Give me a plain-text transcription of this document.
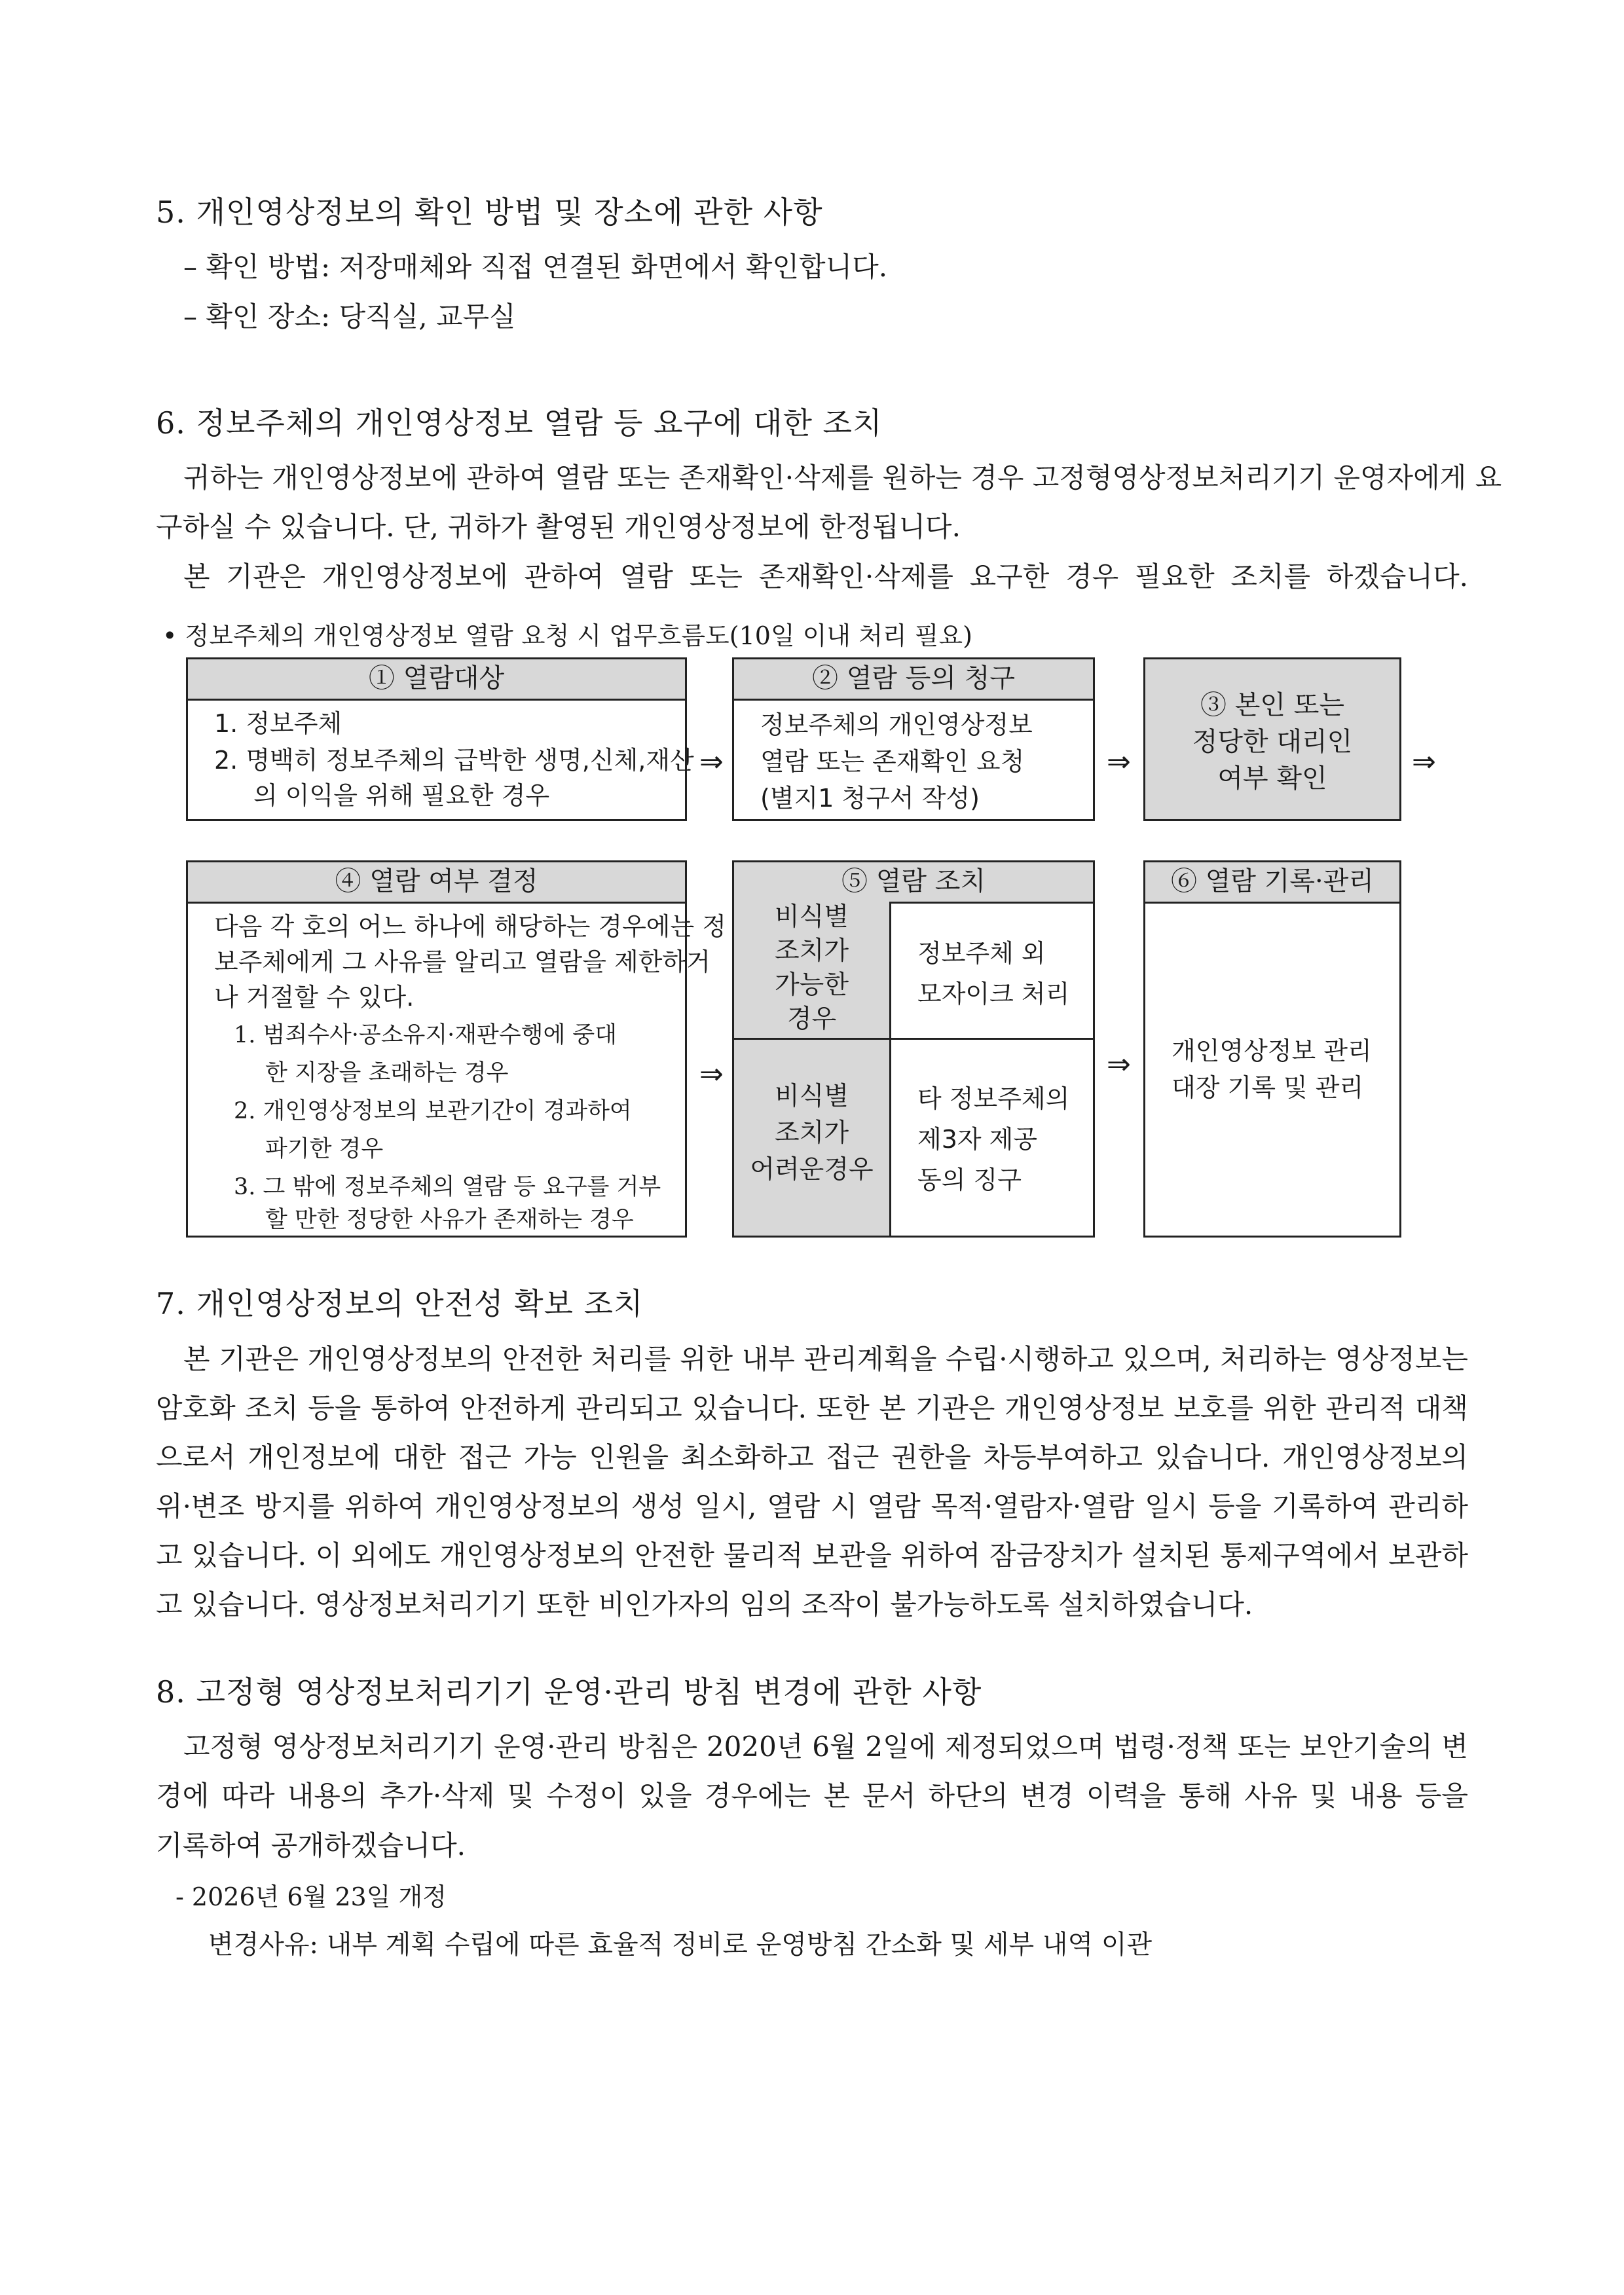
5. 개인영상정보의 확인 방법 및 장소에 관한 사항
– 확인 방법: 저장매체와 직접 연결된 화면에서 확인합니다.
– 확인 장소: 당직실, 교무실
6. 정보주체의 개인영상정보 열람 등 요구에 대한 조치
귀하는 개인영상정보에 관하여 열람 또는 존재확인·삭제를 원하는 경우 고정형영상정보처리기기 운영자에게 요
구하실 수 있습니다. 단, 귀하가 촬영된 개인영상정보에 한정됩니다.
본 기관은 개인영상정보에 관하여 열람 또는 존재확인·삭제를 요구한 경우 필요한 조치를 하겠습니다.
• 정보주체의 개인영상정보 열람 요청 시 업무흐름도(10일 이내 처리 필요)
① 열람대상
1. 정보주체
2. 명백히 정보주체의 급박한 생명,신체,재산
의 이익을 위해 필요한 경우
⇒
② 열람 등의 청구
정보주체의 개인영상정보
열람 또는 존재확인 요청
(별지1 청구서 작성)
⇒
③ 본인 또는
정당한 대리인
여부 확인	⇒
④ 열람 여부 결정
다음 각 호의 어느 하나에 해당하는 경우에는 정
보주체에게 그 사유를 알리고 열람을 제한하거
나 거절할 수 있다.
1. 범죄수사·공소유지·재판수행에 중대
한 지장을 초래하는 경우
2. 개인영상정보의 보관기간이 경과하여
파기한 경우
3. 그 밖에 정보주체의 열람 등 요구를 거부
할 만한 정당한 사유가 존재하는 경우
⇒
⑤ 열람 조치
비식별
조치가
가능한
경우
정보주체 외
모자이크 처리
비식별
조치가
어려운경우
타 정보주체의
제3자 제공
동의 징구
⇒
⑥ 열람 기록·관리
개인영상정보 관리
대장 기록 및 관리
7. 개인영상정보의 안전성 확보 조치
본 기관은 개인영상정보의 안전한 처리를 위한 내부 관리계획을 수립·시행하고 있으며, 처리하는 영상정보는
암호화 조치 등을 통하여 안전하게 관리되고 있습니다. 또한 본 기관은 개인영상정보 보호를 위한 관리적 대책
으로서 개인정보에 대한 접근 가능 인원을 최소화하고 접근 권한을 차등부여하고 있습니다. 개인영상정보의
위·변조 방지를 위하여 개인영상정보의 생성 일시, 열람 시 열람 목적·열람자·열람 일시 등을 기록하여 관리하
고 있습니다. 이 외에도 개인영상정보의 안전한 물리적 보관을 위하여 잠금장치가 설치된 통제구역에서 보관하
고 있습니다. 영상정보처리기기 또한 비인가자의 임의 조작이 불가능하도록 설치하였습니다.
8. 고정형 영상정보처리기기 운영·관리 방침 변경에 관한 사항
고정형 영상정보처리기기 운영·관리 방침은 2020년 6월 2일에 제정되었으며 법령·정책 또는 보안기술의 변
경에 따라 내용의 추가·삭제 및 수정이 있을 경우에는 본 문서 하단의 변경 이력을 통해 사유 및 내용 등을
기록하여 공개하겠습니다.
- 2026년 6월 23일 개정
변경사유: 내부 계획 수립에 따른 효율적 정비로 운영방침 간소화 및 세부 내역 이관
